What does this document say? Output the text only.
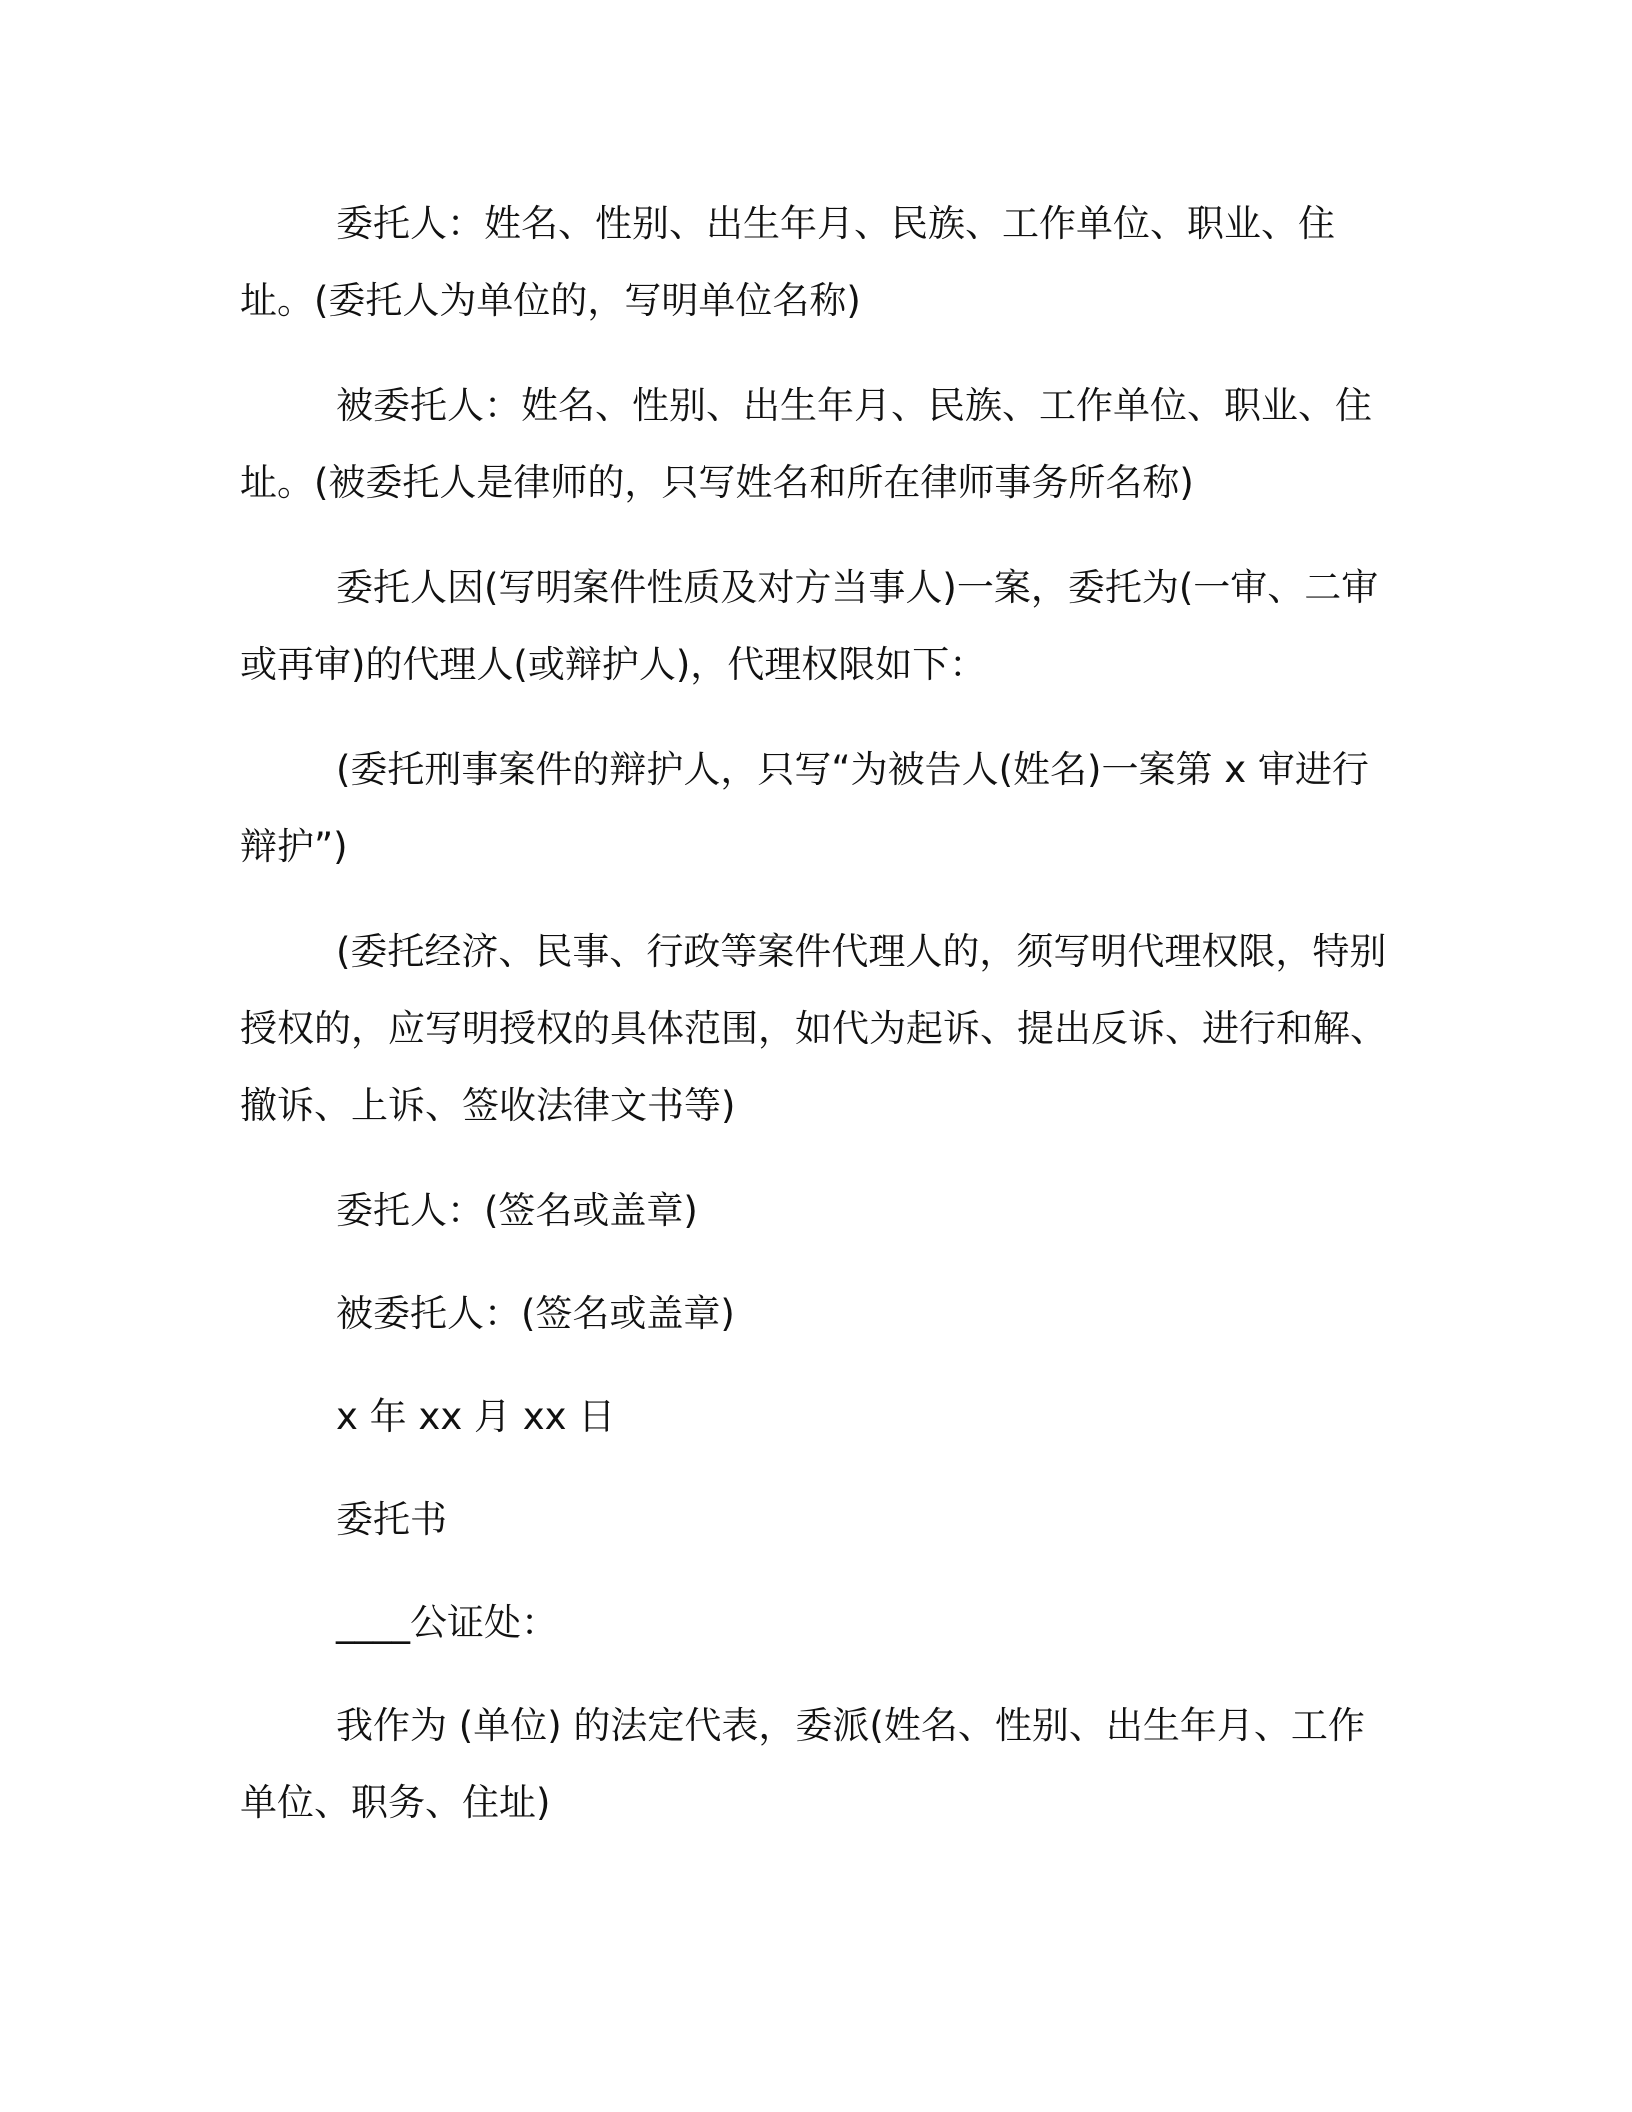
委托人：姓名、性别、出生年月、民族、工作单位、职业、住址。(委托人为单位的，写明单位名称)

被委托人：姓名、性别、出生年月、民族、工作单位、职业、住址。(被委托人是律师的，只写姓名和所在律师事务所名称)

委托人因(写明案件性质及对方当事人)一案，委托为(一审、二审或再审)的代理人(或辩护人)，代理权限如下：

(委托刑事案件的辩护人，只写“为被告人(姓名)一案第 x 审进行辩护”)

(委托经济、民事、行政等案件代理人的，须写明代理权限，特别授权的，应写明授权的具体范围，如代为起诉、提出反诉、进行和解、撤诉、上诉、签收法律文书等)

委托人：(签名或盖章)

被委托人：(签名或盖章)

x 年 xx 月 xx 日

委托书

____公证处：

我作为 (单位) 的法定代表，委派(姓名、性别、出生年月、工作单位、职务、住址)
